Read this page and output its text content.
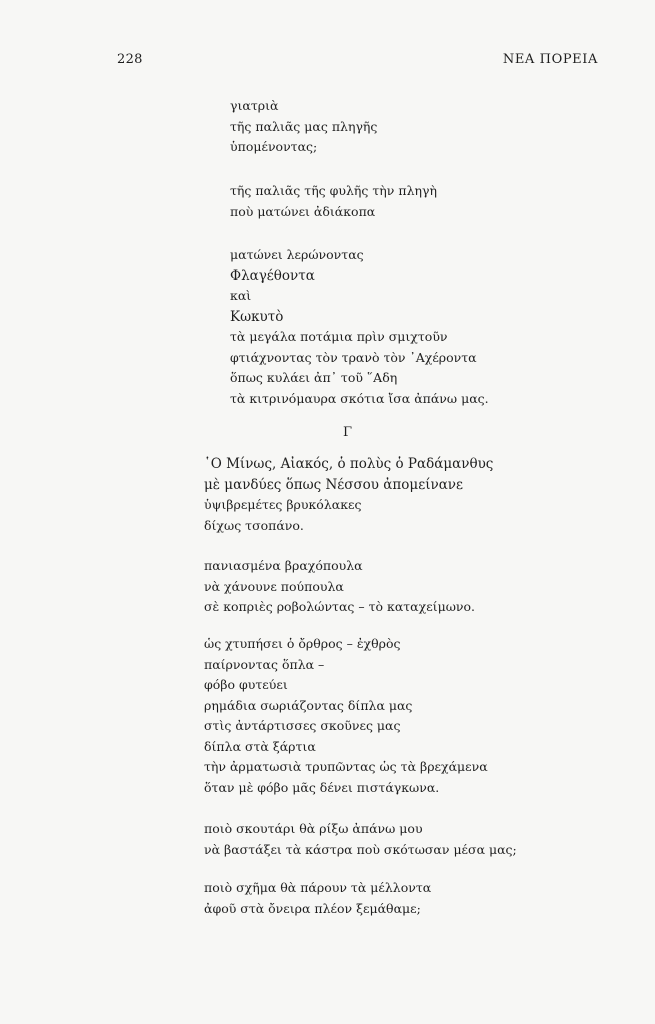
228	ΝΕΑ ΠΟΡΕΙΑ
γιατριὰ
τῆς παλιᾶς μας πληγῆς
ὑπομένοντας;
τῆς παλιᾶς τῆς φυλῆς τὴν πληγὴ
ποὺ ματώνει ἀδιάκοπα
ματώνει λερώνοντας
Φλαγέθοντα
καὶ
Κωκυτὸ
τὰ μεγάλα ποτάμια πρὶν σμιχτοῦν
φτιάχνοντας τὸν τρανὸ τὸν ᾿Αχέροντα
ὅπως κυλάει ἀπ᾿ τοῦ ῞Αδη
τὰ κιτρινόμαυρα σκότια ἴσα ἀπάνω μας.
Γ
῾Ο Μίνως, Αἰακός, ὁ πολὺς ὁ Ραδάμανθυς
μὲ μανδύες ὅπως Νέσσου ἀπομείνανε
ὑψιβρεμέτες βρυκόλακες
δίχως τσοπάνο.
πανιασμένα βραχόπουλα
νὰ χάνουνε πούπουλα
σὲ κοπριὲς ροβολώντας – τὸ καταχείμωνο.
ὡς χτυπήσει ὁ ὄρθρος – ἐχθρὸς
παίρνοντας ὅπλα –
φόβο φυτεύει
ρημάδια σωριάζοντας δίπλα μας
στὶς ἀντάρτισσες σκοῦνες μας
δίπλα στὰ ξάρτια
τὴν ἀρματωσιὰ τρυπῶντας ὡς τὰ βρεχάμενα
ὅταν μὲ φόβο μᾶς δένει πιστάγκωνα.
ποιὸ σκουτάρι θὰ ρίξω ἀπάνω μου
νὰ βαστάξει τὰ κάστρα ποὺ σκότωσαν μέσα μας;
ποιὸ σχῆμα θὰ πάρουν τὰ μέλλοντα
ἀφοῦ στὰ ὄνειρα πλέον ξεμάθαμε;
